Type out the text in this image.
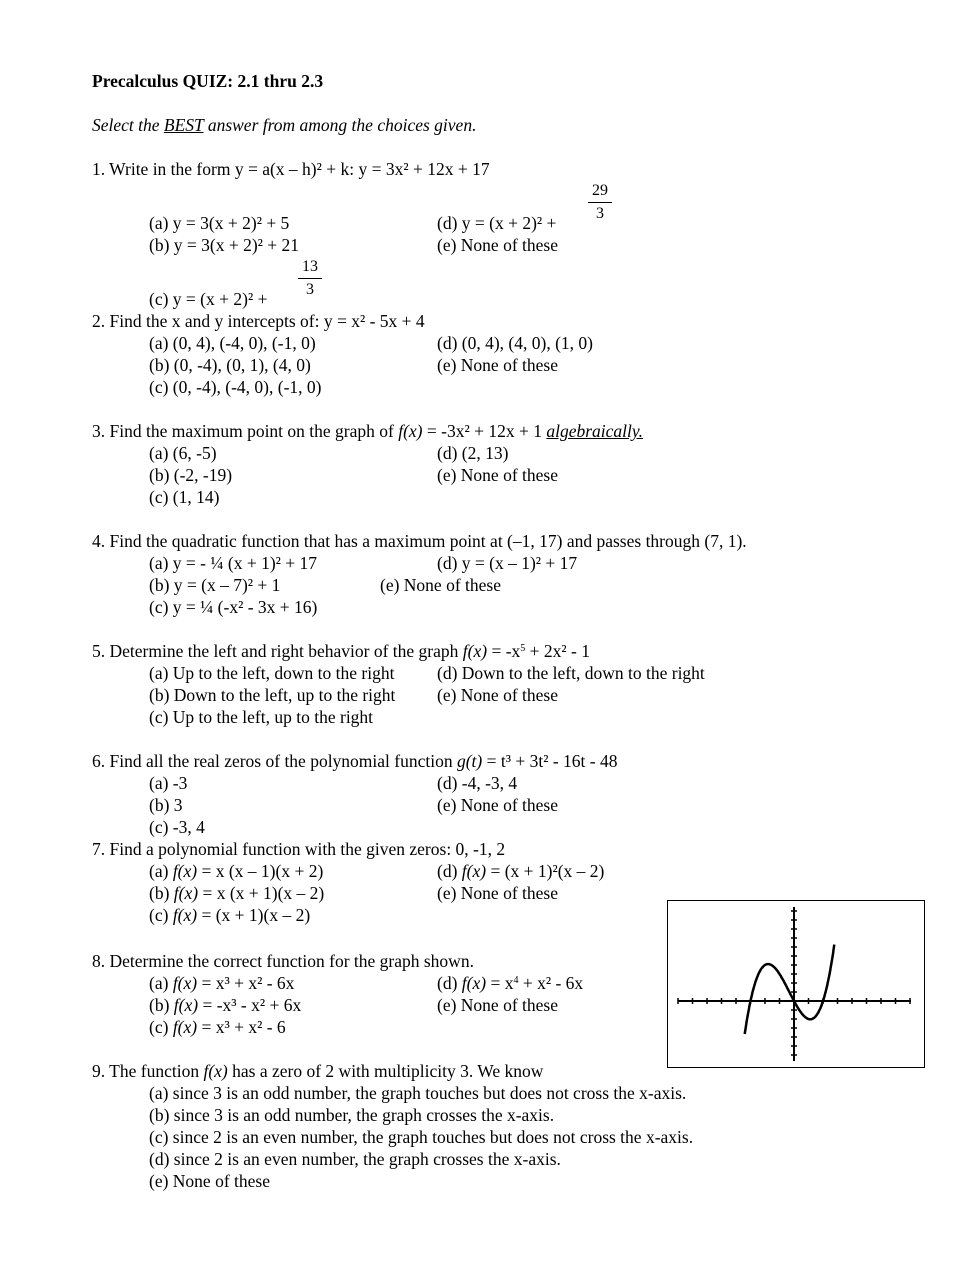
Precalculus QUIZ: 2.1 thru 2.3
Select the BEST answer from among the choices given.
1. Write in the form y = a(x – h)² + k: y = 3x² + 12x + 17
(a) y = 3(x + 2)² + 5	(d) $y = (x + 2)^2 + \frac{29}{3}$
(b) y = 3(x + 2)² + 21	(e) None of these
(c) $y = (x + 2)^2 + \frac{13}{3}$
2. Find the x and y intercepts of: y = x² - 5x + 4
(a) (0, 4), (-4, 0), (-1, 0)	(d) (0, 4), (4, 0), (1, 0)
(b) (0, -4), (0, 1), (4, 0)	(e) None of these
(c) (0, -4), (-4, 0), (-1, 0)
3. Find the maximum point on the graph of f(x) = -3x² + 12x + 1 algebraically.
(a) (6, -5)	(d) (2, 13)
(b) (-2, -19)	(e) None of these
(c) (1, 14)
4. Find the quadratic function that has a maximum point at (–1, 17) and passes through (7, 1).
(a) y = - ¼ (x + 1)² + 17	(d) y = (x – 1)² + 17
(b) y = (x – 7)² + 1	(e) None of these
(c) y = ¼ (-x² - 3x + 16)
5. Determine the left and right behavior of the graph $f(x) = -x^5 + 2x^2 - 1$
(a) Up to the left, down to the right (d) Down to the left, down to the right
(b) Down to the left, up to the right (e) None of these
(c) Up to the left, up to the right
6. Find all the real zeros of the polynomial function g(t) = t³ + 3t² - 16t - 48
(a) -3	(d) -4, -3, 4
(b) 3	(e) None of these
(c) -3, 4
7. Find a polynomial function with the given zeros: 0, -1, 2
(a) f(x) = x (x – 1)(x + 2)	(d) f(x) = (x + 1)²(x – 2)
(b) f(x) = x (x + 1)(x – 2)	(e) None of these
(c) f(x) = (x + 1)(x – 2)
8. Determine the correct function for the graph shown.
(a) f(x) = x³ + x² - 6x	(d) $f(x) = x^4 + x^2 - 6x$
(b) f(x) = -x³ - x² + 6x	(e) None of these
(c) f(x) = x³ + x² - 6
9. The function f(x) has a zero of 2 with multiplicity 3. We know
(a) since 3 is an odd number, the graph touches but does not cross the x-axis.
(b) since 3 is an odd number, the graph crosses the x-axis.
(c) since 2 is an even number, the graph touches but does not cross the x-axis.
(d) since 2 is an even number, the graph crosses the x-axis.
(e) None of these
